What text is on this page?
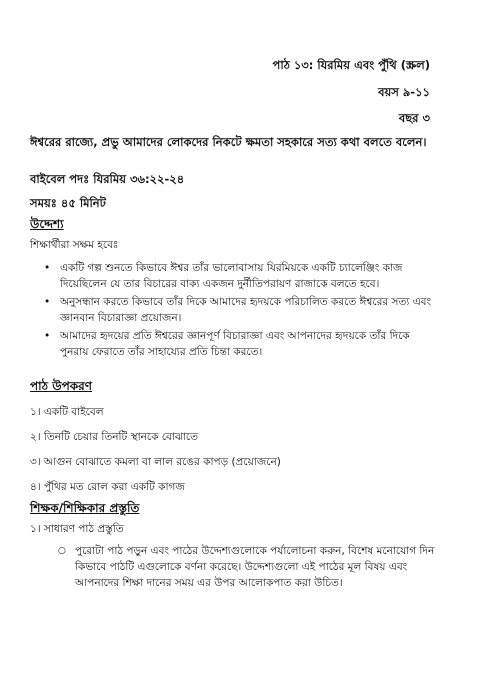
পাঠ ১৩: যিরমিয় এবং পুঁথি (স্ক্রল)
বয়স ৯-১১
বছর ৩
ঈশ্বরের রাজ্যে, প্রভু আমাদের লোকদের নিকটে ক্ষমতা সহকারে সত্য কথা বলতে বলেন।
বাইবেল পদঃ যিরমিয় ৩৬:২২-২৪
সময়ঃ ৪৫ মিনিট
উদ্দেশ্য
শিক্ষার্থীরা সক্ষম হবেঃ
• একটি গল্প শুনতে কিভাবে ঈশ্বর তাঁর ভালোবাসায় যিরমিয়কে একটি চ্যালেঞ্জিং কাজ দিয়েছিলেন যে তার বিচারের বাক্য একজন দুর্নীতিপরায়ণ রাজাকে বলতে হবে।
• অনুসন্ধান করতে কিভাবে তাঁর দিকে আমাদের হৃদয়কে পরিচালিত করতে ঈশ্বরের সত্য এবং জ্ঞানবান বিচারাজ্ঞা প্রয়োজন।
• আমাদের হৃদয়ের প্রতি ঈশ্বরের জ্ঞানপূর্ণ বিচারাজ্ঞা এবং আপনাদের হৃদয়কে তাঁর দিকে পুনরায় ফেরাতে তাঁর সাহায্যের প্রতি চিন্তা করতে।
পাঠ উপকরণ
১। একটি বাইবেল
২। তিনটি চেয়ার তিনটি স্থানকে বোঝাতে
৩। আগুন বোঝাতে কমলা বা লাল রঙের কাপড় (প্রয়োজনে)
৪। পুঁথির মত রোল করা একটি কাগজ
শিক্ষক/শিক্ষিকার প্রস্তুতি
১। সাধারণ পাঠ প্রস্তুতি
○ পুরোটা পাঠ পড়ুন এবং পাঠের উদ্দেশ্যগুলোকে পর্যালোচনা করুন, বিশেষ মনোযোগ দিন কিভাবে পাঠটি এগুলোকে বর্ণনা করেছে। উদ্দেশ্যগুলো এই পাঠের মূল বিষয় এবং আপনাদের শিক্ষা দানের সময় এর উপর আলোকপাত করা উচিত।
